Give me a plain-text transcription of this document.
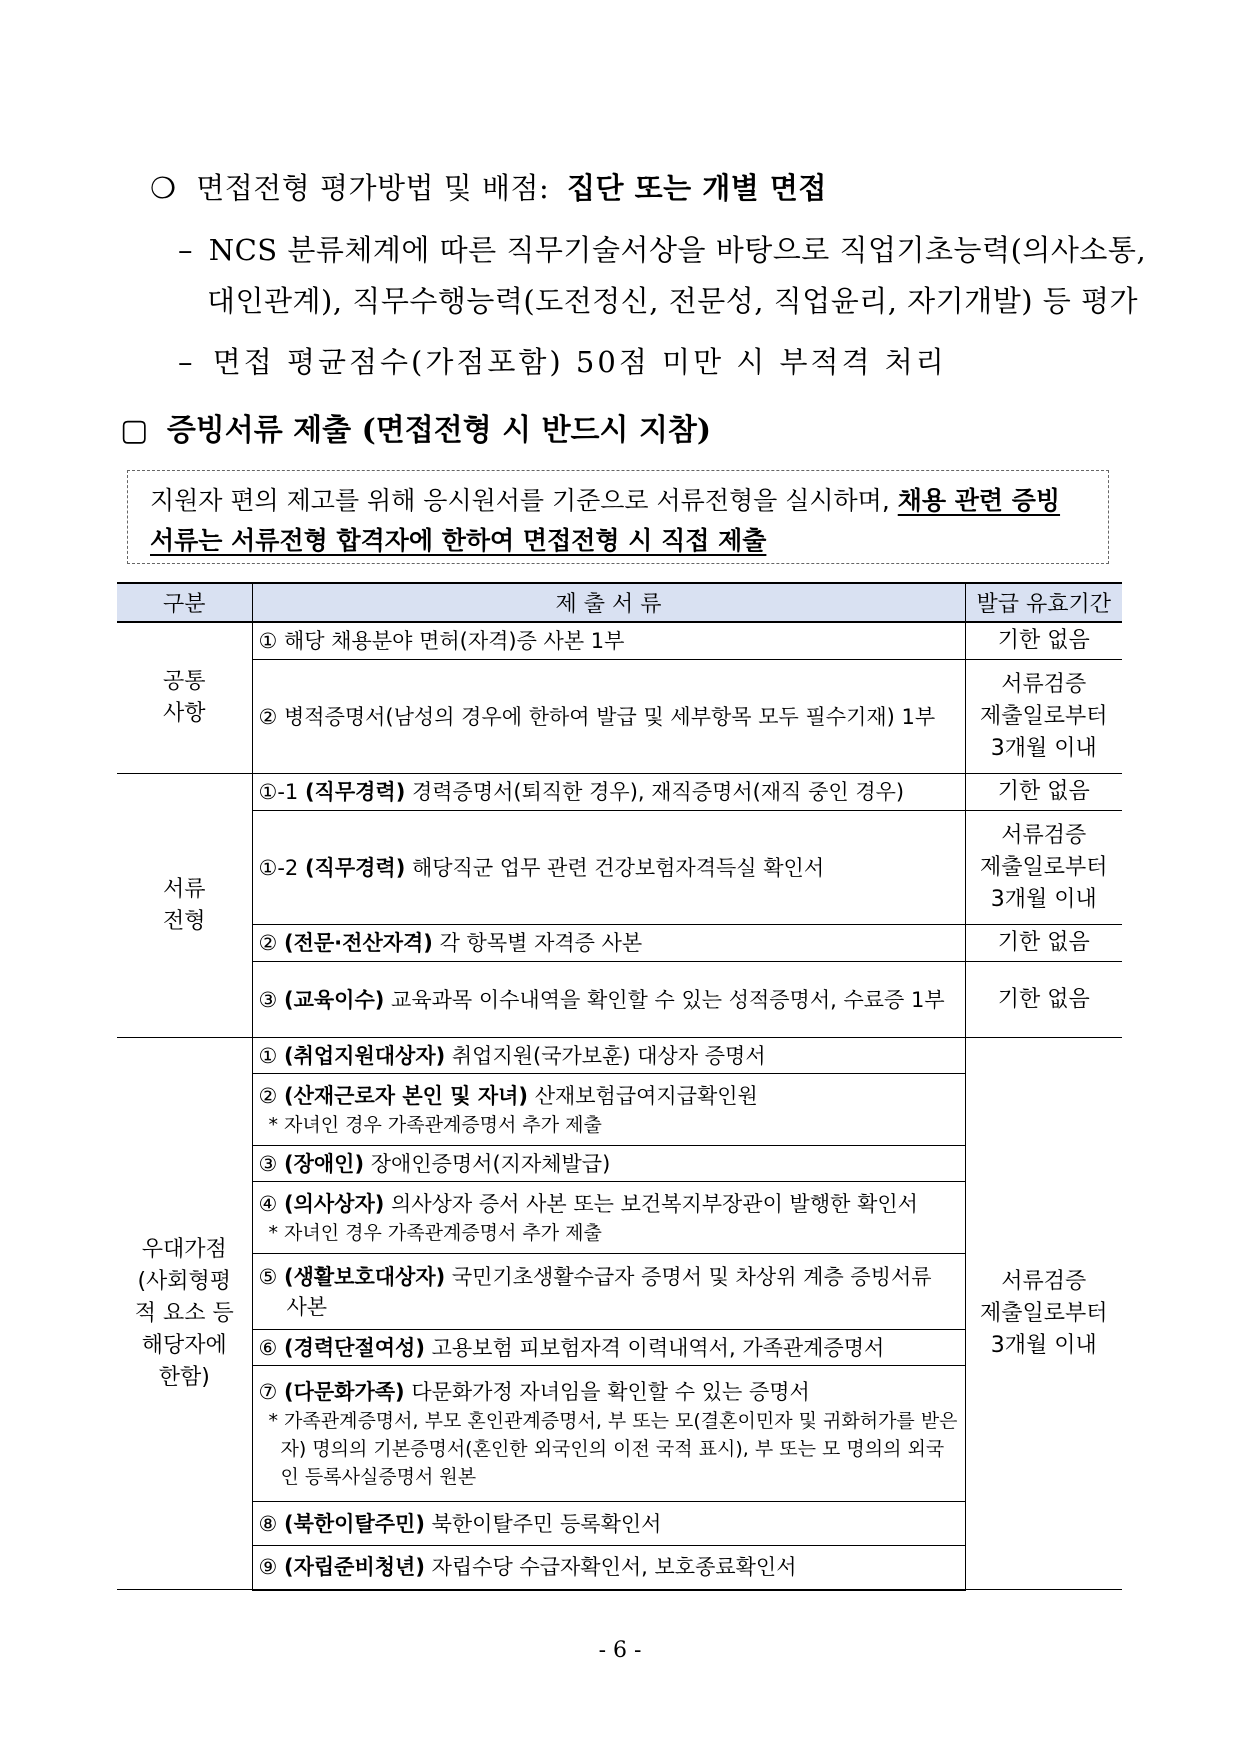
❍ 면접전형 평가방법 및 배점: 집단 또는 개별 면접
– NCS 분류체계에 따른 직무기술서상을 바탕으로 직업기초능력(의사소통,
대인관계), 직무수행능력(도전정신, 전문성, 직업윤리, 자기개발) 등 평가
– 면접 평균점수(가점포함) 50점 미만 시 부적격 처리
▢ 증빙서류 제출 (면접전형 시 반드시 지참)

지원자 편의 제고를 위해 응시원서를 기준으로 서류전형을 실시하며, 채용 관련 증빙

서류는 서류전형 합격자에 한하여 면접전형 시 직접 제출

구분	제 출 서 류	발급 유효기간
공통
사항	① 해당 채용분야 면허(자격)증 사본 1부	기한 없음
	② 병적증명서(남성의 경우에 한하여 발급 및 세부항목 모두 필수기재) 1부	서류검증
제출일로부터
3개월 이내
서류
전형	①-1 (직무경력) 경력증명서(퇴직한 경우), 재직증명서(재직 중인 경우)	기한 없음
	①-2 (직무경력) 해당직군 업무 관련 건강보험자격득실 확인서	서류검증
제출일로부터
3개월 이내
	② (전문·전산자격) 각 항목별 자격증 사본	기한 없음
	③ (교육이수) 교육과목 이수내역을 확인할 수 있는 성적증명서, 수료증 1부	기한 없음
우대가점
(사회형평
적 요소 등
해당자에
한함)	① (취업지원대상자) 취업지원(국가보훈) 대상자 증명서	서류검증
제출일로부터
3개월 이내
	② (산재근로자 본인 및 자녀) 산재보험급여지급확인원
* 자녀인 경우 가족관계증명서 추가 제출	

	③ (장애인) 장애인증명서(지자체발급)	
	④ (의사상자) 의사상자 증서 사본 또는 보건복지부장관이 발행한 확인서
* 자녀인 경우 가족관계증명서 추가 제출	

	⑤ (생활보호대상자) 국민기초생활수급자 증명서 및 차상위 계층 증빙서류 사본	
	⑥ (경력단절여성) 고용보험 피보험자격 이력내역서, 가족관계증명서	
	⑦ (다문화가족) 다문화가정 자녀임을 확인할 수 있는 증명서
* 가족관계증명서, 부모 혼인관계증명서, 부 또는 모(결혼이민자 및 귀화허가를 받은 자) 명의의 기본증명서(혼인한 외국인의 이전 국적 표시), 부 또는 모 명의의 외국인 등록사실증명서 원본	

	⑧ (북한이탈주민) 북한이탈주민 등록확인서	
	⑨ (자립준비청년) 자립수당 수급자확인서, 보호종료확인서	
- 6 -
